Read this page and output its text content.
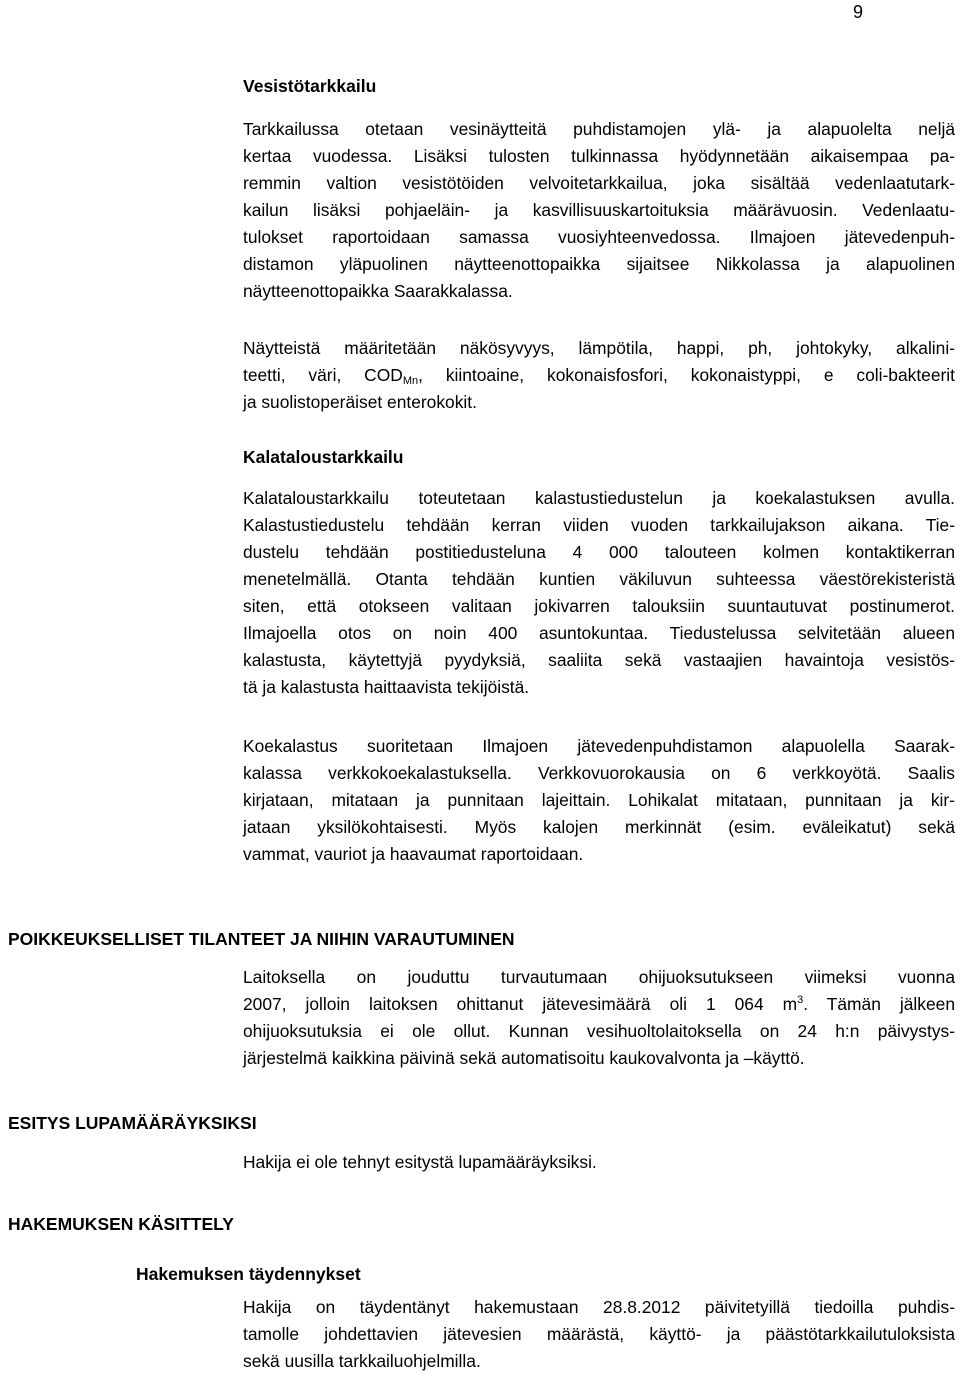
9
Vesistötarkkailu
Tarkkailussa otetaan vesinäytteitä puhdistamojen ylä- ja alapuolelta neljä
kertaa vuodessa. Lisäksi tulosten tulkinnassa hyödynnetään aikaisempaa pa-
remmin valtion vesistötöiden velvoitetarkkailua, joka sisältää vedenlaatutark-
kailun lisäksi pohjaeläin- ja kasvillisuuskartoituksia määrävuosin. Vedenlaatu-
tulokset raportoidaan samassa vuosiyhteenvedossa. Ilmajoen jätevedenpuh-
distamon yläpuolinen näytteenottopaikka sijaitsee Nikkolassa ja alapuolinen
näytteenottopaikka Saarakkalassa.
Näytteistä määritetään näkösyvyys, lämpötila, happi, ph, johtokyky, alkalini-
teetti, väri, $COD_{Mn}$, kiintoaine, kokonaisfosfori, kokonaistyppi, e coli-bakteerit
ja suolistoperäiset enterokokit.
Kalataloustarkkailu
Kalataloustarkkailu toteutetaan kalastustiedustelun ja koekalastuksen avulla.
Kalastustiedustelu tehdään kerran viiden vuoden tarkkailujakson aikana. Tie-
dustelu tehdään postitiedusteluna 4 000 talouteen kolmen kontaktikerran
menetelmällä. Otanta tehdään kuntien väkiluvun suhteessa väestörekisteristä
siten, että otokseen valitaan jokivarren talouksiin suuntautuvat postinumerot.
Ilmajoella otos on noin 400 asuntokuntaa. Tiedustelussa selvitetään alueen
kalastusta, käytettyjä pyydyksiä, saaliita sekä vastaajien havaintoja vesistös-
tä ja kalastusta haittaavista tekijöistä.
Koekalastus suoritetaan Ilmajoen jätevedenpuhdistamon alapuolella Saarak-
kalassa verkkokoekalastuksella. Verkkovuorokausia on 6 verkkoyötä. Saalis
kirjataan, mitataan ja punnitaan lajeittain. Lohikalat mitataan, punnitaan ja kir-
jataan yksilökohtaisesti. Myös kalojen merkinnät (esim. eväleikatut) sekä
vammat, vauriot ja haavaumat raportoidaan.
POIKKEUKSELLISET TILANTEET JA NIIHIN VARAUTUMINEN
Laitoksella on jouduttu turvautumaan ohijuoksutukseen viimeksi vuonna
2007, jolloin laitoksen ohittanut jätevesimäärä oli 1 064 $m^3$. Tämän jälkeen
ohijuoksutuksia ei ole ollut. Kunnan vesihuoltolaitoksella on 24 h:n päivystys-
järjestelmä kaikkina päivinä sekä automatisoitu kaukovalvonta ja –käyttö.
ESITYS LUPAMÄÄRÄYKSIKSI
Hakija ei ole tehnyt esitystä lupamääräyksiksi.
HAKEMUKSEN KÄSITTELY
Hakemuksen täydennykset
Hakija on täydentänyt hakemustaan 28.8.2012 päivitetyillä tiedoilla puhdis-
tamolle johdettavien jätevesien määrästä, käyttö- ja päästötarkkailutuloksista
sekä uusilla tarkkailuohjelmilla.
